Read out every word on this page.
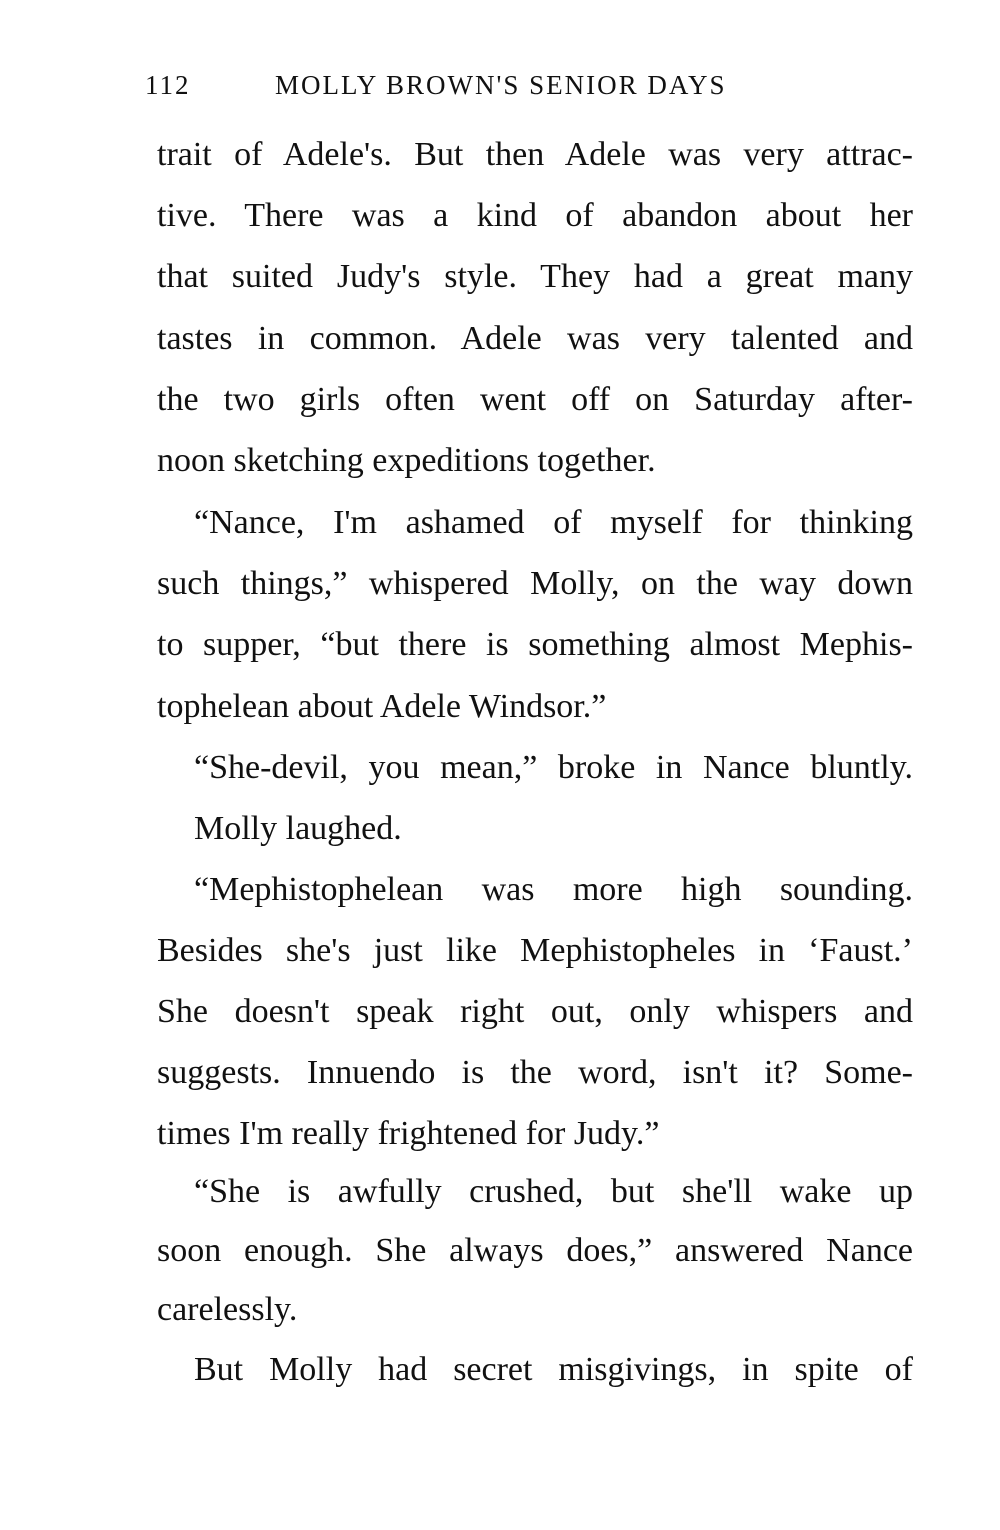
112	MOLLY BROWN'S SENIOR DAYS
trait of Adele's. But then Adele was very attrac-
tive. There was a kind of abandon about her
that suited Judy's style. They had a great many
tastes in common. Adele was very talented and
the two girls often went off on Saturday after-
noon sketching expeditions together.
“Nance, I'm ashamed of myself for thinking
such things,” whispered Molly, on the way down
to supper, “but there is something almost Mephis-
tophelean about Adele Windsor.”
“She-devil, you mean,” broke in Nance bluntly.
Molly laughed.
“Mephistophelean was more high sounding.
Besides she's just like Mephistopheles in ‘Faust.’
She doesn't speak right out, only whispers and
suggests. Innuendo is the word, isn't it? Some-
times I'm really frightened for Judy.”
“She is awfully crushed, but she'll wake up
soon enough. She always does,” answered Nance
carelessly.
But Molly had secret misgivings, in spite of
